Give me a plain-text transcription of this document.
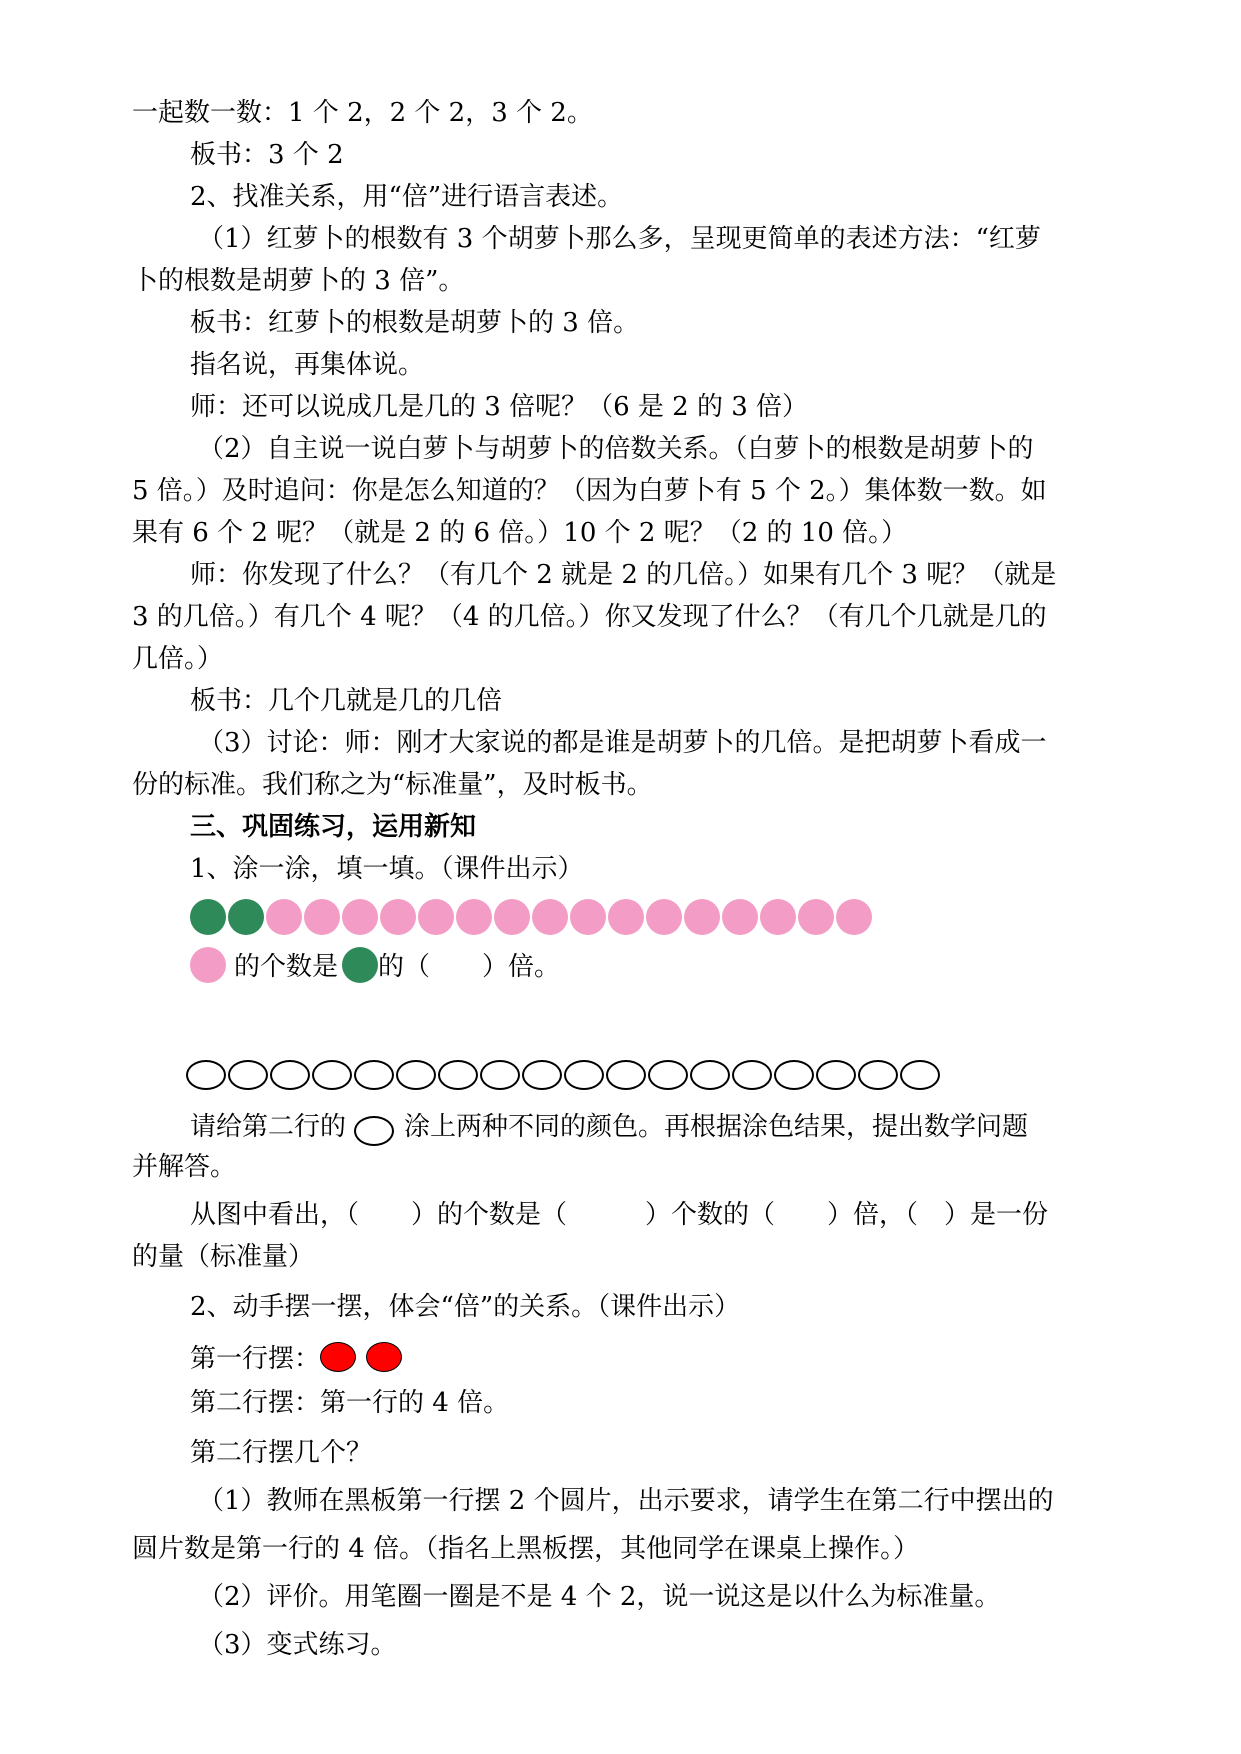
一起数一数：1 个 2，2 个 2，3 个 2。
板书：3 个 2
2、找准关系，用“倍”进行语言表述。
（1）红萝卜的根数有 3 个胡萝卜那么多，呈现更简单的表述方法：“红萝
卜的根数是胡萝卜的 3 倍”。
板书：红萝卜的根数是胡萝卜的 3 倍。
指名说，再集体说。
师：还可以说成几是几的 3 倍呢？（6 是 2 的 3 倍）
（2）自主说一说白萝卜与胡萝卜的倍数关系。（白萝卜的根数是胡萝卜的
5 倍。）及时追问：你是怎么知道的？（因为白萝卜有 5 个 2。）集体数一数。如
果有 6 个 2 呢？（就是 2 的 6 倍。）10 个 2 呢？（2 的 10 倍。）
师：你发现了什么？（有几个 2 就是 2 的几倍。）如果有几个 3 呢？（就是
3 的几倍。）有几个 4 呢？（4 的几倍。）你又发现了什么？（有几个几就是几的
几倍。）
板书：几个几就是几的几倍
（3）讨论：师：刚才大家说的都是谁是胡萝卜的几倍。是把胡萝卜看成一
份的标准。我们称之为“标准量”，及时板书。
三、巩固练习，运用新知
1、涂一涂，填一填。（课件出示）
的个数是 的（　　）倍。
请给第二行的 涂上两种不同的颜色。再根据涂色结果，提出数学问题
并解答。
从图中看出，（　　）的个数是（　　　）个数的（　　）倍，（　）是一份
的量（标准量）
2、动手摆一摆，体会“倍”的关系。（课件出示）
第一行摆：
第二行摆：第一行的 4 倍。
第二行摆几个？
（1）教师在黑板第一行摆 2 个圆片，出示要求，请学生在第二行中摆出的
圆片数是第一行的 4 倍。（指名上黑板摆，其他同学在课桌上操作。）
（2）评价。用笔圈一圈是不是 4 个 2，说一说这是以什么为标准量。
（3）变式练习。
